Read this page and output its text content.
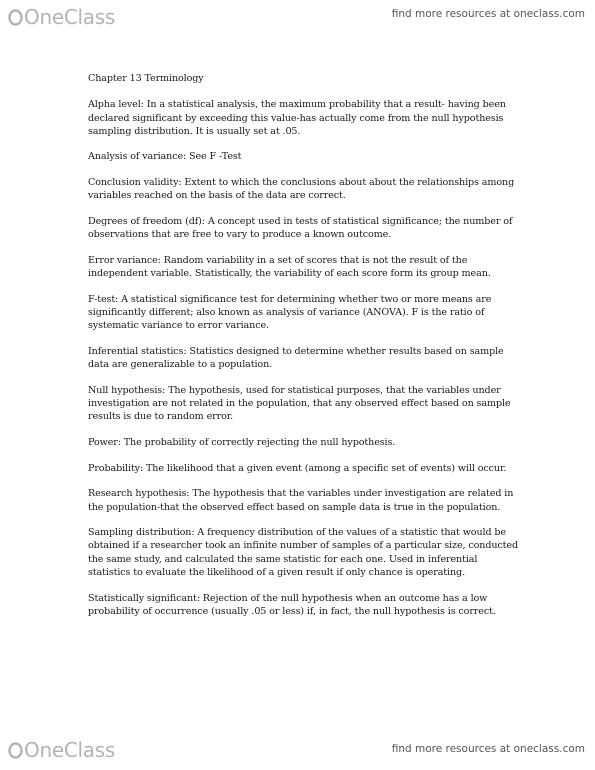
OneClass	find more resources at oneclass.com
Chapter 13 Terminology

Alpha level: In a statistical analysis, the maximum probability that a result- having been declared significant by exceeding this value-has actually come from the null hypothesis sampling distribution. It is usually set at .05.

Analysis of variance: See F -Test

Conclusion validity: Extent to which the conclusions about about the relationships among variables reached on the basis of the data are correct.

Degrees of freedom (df): A concept used in tests of statistical significance; the number of observations that are free to vary to produce a known outcome.

Error variance: Random variability in a set of scores that is not the result of the independent variable. Statistically, the variability of each score form its group mean.

F-test: A statistical significance test for determining whether two or more means are significantly different; also known as analysis of variance (ANOVA). F is the ratio of systematic variance to error variance.

Inferential statistics: Statistics designed to determine whether results based on sample data are generalizable to a population.

Null hypothesis: The hypothesis, used for statistical purposes, that the variables under investigation are not related in the population, that any observed effect based on sample results is due to random error.

Power: The probability of correctly rejecting the null hypothesis.

Probability: The likelihood that a given event (among a specific set of events) will occur.

Research hypothesis: The hypothesis that the variables under investigation are related in the population-that the observed effect based on sample data is true in the population.

Sampling distribution: A frequency distribution of the values of a statistic that would be obtained if a researcher took an infinite number of samples of a particular size, conducted the same study, and calculated the same statistic for each one. Used in inferential statistics to evaluate the likelihood of a given result if only chance is operating.

Statistically significant: Rejection of the null hypothesis when an outcome has a low probability of occurrence (usually .05 or less) if, in fact, the null hypothesis is correct.

OneClass	find more resources at oneclass.com
